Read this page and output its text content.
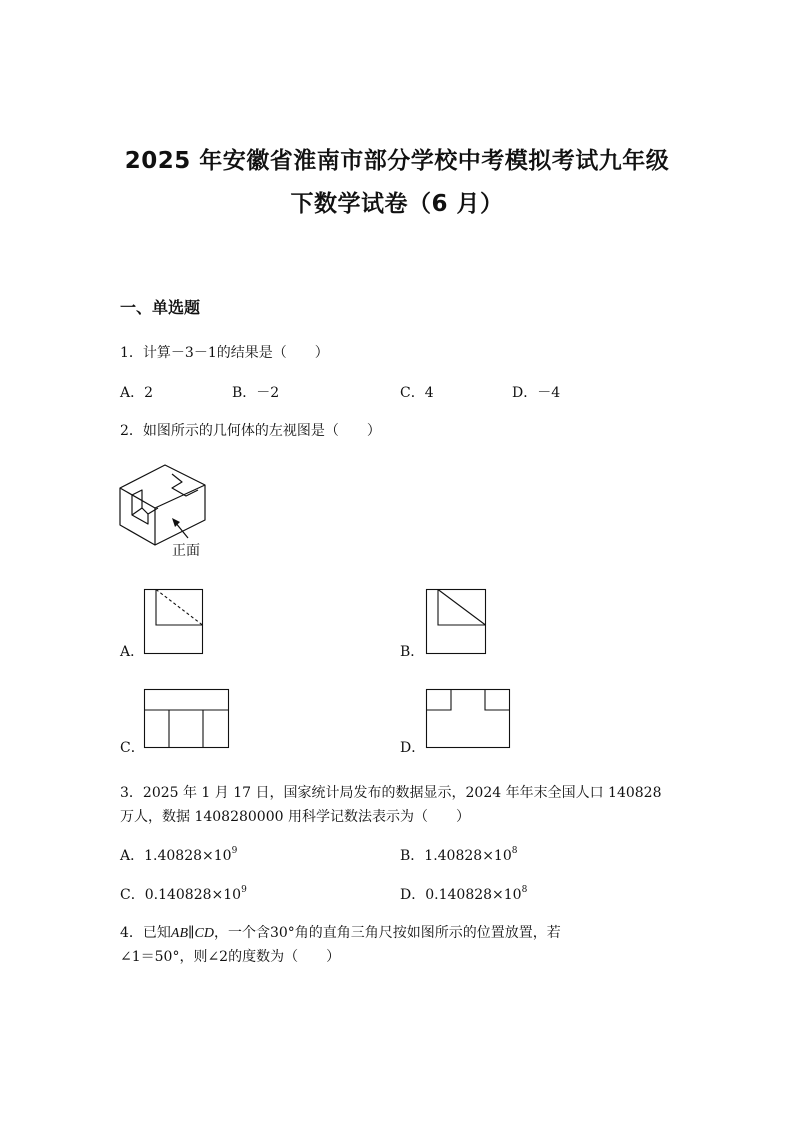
2025 年安徽省淮南市部分学校中考模拟考试九年级
下数学试卷（6 月）
一、单选题
1．计算－3－1的结果是（　　）
A．2	B．－2	C．4	D．－4
2．如图所示的几何体的左视图是（　　）
正面
A．	B．
C．	D．
3．2025 年 1 月 17 日，国家统计局发布的数据显示，2024 年年末全国人口 140828
万人，数据 1408280000 用科学记数法表示为（　　）
A．$1.40828\times 10^9$	B．$1.40828\times 10^8$
C．$0.140828\times 10^9$	D．$0.140828\times 10^8$
4．已知AB∥CD，一个含30°角的直角三角尺按如图所示的位置放置，若
∠1＝50°，则∠2的度数为（　　）
